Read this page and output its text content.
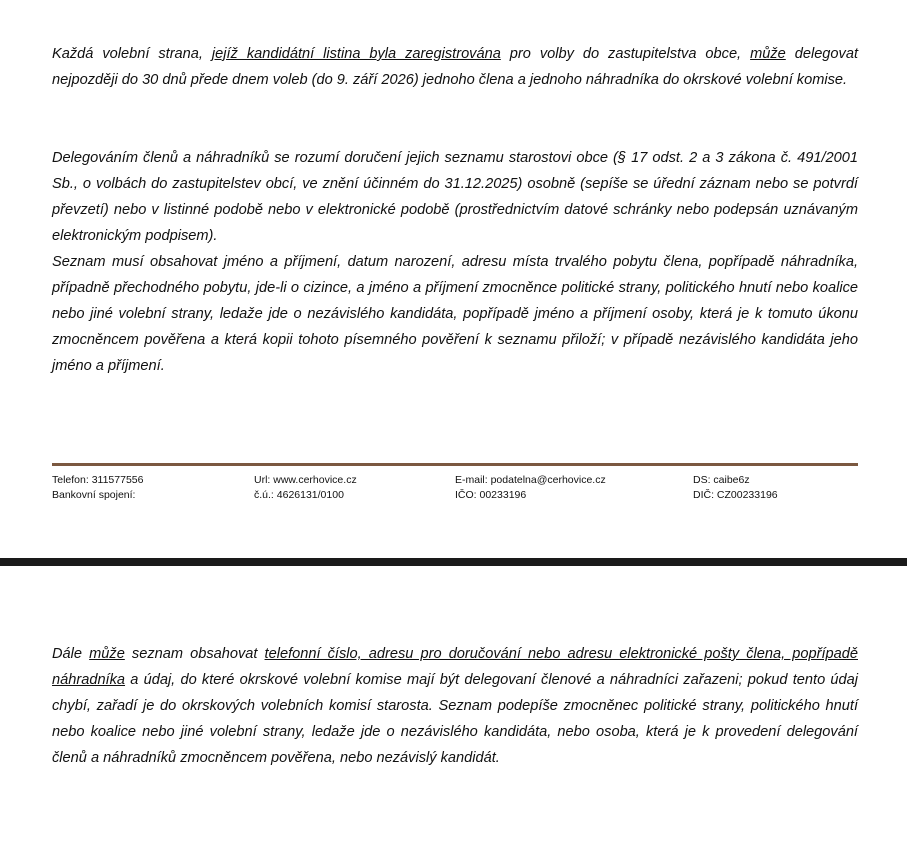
Každá volební strana, jejíž kandidátní listina byla zaregistrována pro volby do zastupitelstva obce, může delegovat nejpozději do 30 dnů přede dnem voleb (do 9. září 2026) jednoho člena a jednoho náhradníka do okrskové volební komise.

Delegováním členů a náhradníků se rozumí doručení jejich seznamu starostovi obce (§ 17 odst. 2 a 3 zákona č. 491/2001 Sb., o volbách do zastupitelstev obcí, ve znění účinném do 31.12.2025) osobně (sepíše se úřední záznam nebo se potvrdí převzetí) nebo v listinné podobě nebo v elektronické podobě (prostřednictvím datové schránky nebo podepsán uznávaným elektronickým podpisem).

Seznam musí obsahovat jméno a příjmení, datum narození, adresu místa trvalého pobytu člena, popřípadě náhradníka, případně přechodného pobytu, jde-li o cizince, a jméno a příjmení zmocněnce politické strany, politického hnutí nebo koalice nebo jiné volební strany, ledaže jde o nezávislého kandidáta, popřípadě jméno a příjmení osoby, která je k tomuto úkonu zmocněncem pověřena a která kopii tohoto písemného pověření k seznamu přiloží; v případě nezávislého kandidáta jeho jméno a příjmení.

Telefon: 311577556
Bankovní spojení:
Url: www.cerhovice.cz
č.ú.: 4626131/0100
E-mail: podatelna@cerhovice.cz
IČO: 00233196
DS: caibe6z
DIČ: CZ00233196

Dále může seznam obsahovat telefonní číslo, adresu pro doručování nebo adresu elektronické pošty člena, popřípadě náhradníka a údaj, do které okrskové volební komise mají být delegovaní členové a náhradníci zařazeni; pokud tento údaj chybí, zařadí je do okrskových volebních komisí starosta. Seznam podepíše zmocněnec politické strany, politického hnutí nebo koalice nebo jiné volební strany, ledaže jde o nezávislého kandidáta, nebo osoba, která je k provedení delegování členů a náhradníků zmocněncem pověřena, nebo nezávislý kandidát.
